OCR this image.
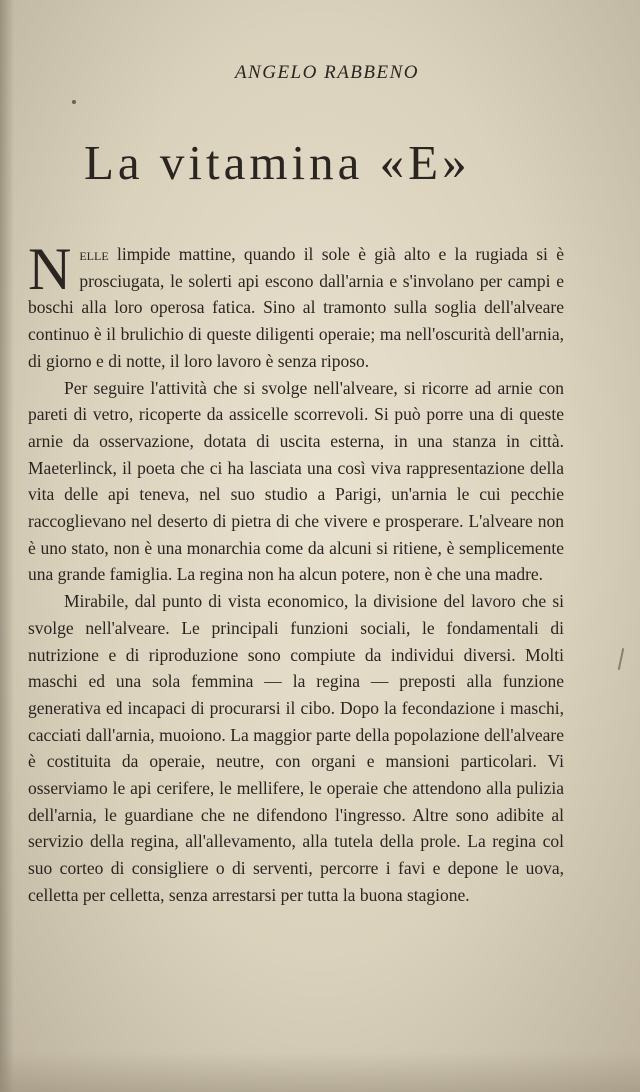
ANGELO RABBENO
La vitamina «E»

Nelle limpide mattine, quando il sole è già alto e la rugiada si è prosciugata, le solerti api escono dall'arnia e s'involano per campi e boschi alla loro operosa fatica. Sino al tramonto sulla soglia dell'alveare continuo è il brulichio di queste diligenti operaie; ma nell'oscurità dell'arnia, di giorno e di notte, il loro lavoro è senza riposo.

Per seguire l'attività che si svolge nell'alveare, si ricorre ad arnie con pareti di vetro, ricoperte da assicelle scorrevoli. Si può porre una di queste arnie da osservazione, dotata di uscita esterna, in una stanza in città. Maeterlinck, il poeta che ci ha lasciata una così viva rappresentazione della vita delle api teneva, nel suo studio a Parigi, un'arnia le cui pecchie raccoglievano nel deserto di pietra di che vivere e prosperare. L'alveare non è uno stato, non è una monarchia come da alcuni si ritiene, è semplicemente una grande famiglia. La regina non ha alcun potere, non è che una madre.

Mirabile, dal punto di vista economico, la divisione del lavoro che si svolge nell'alveare. Le principali funzioni sociali, le fondamentali di nutrizione e di riproduzione sono compiute da individui diversi. Molti maschi ed una sola femmina — la regina — preposti alla funzione generativa ed incapaci di procurarsi il cibo. Dopo la fecondazione i maschi, cacciati dall'arnia, muoiono. La maggior parte della popolazione dell'alveare è costituita da operaie, neutre, con organi e mansioni particolari. Vi osserviamo le api cerifere, le mellifere, le operaie che attendono alla pulizia dell'arnia, le guardiane che ne difendono l'ingresso. Altre sono adibite al servizio della regina, all'allevamento, alla tutela della prole. La regina col suo corteo di consigliere o di serventi, percorre i favi e depone le uova, celletta per celletta, senza arrestarsi per tutta la buona stagione.
